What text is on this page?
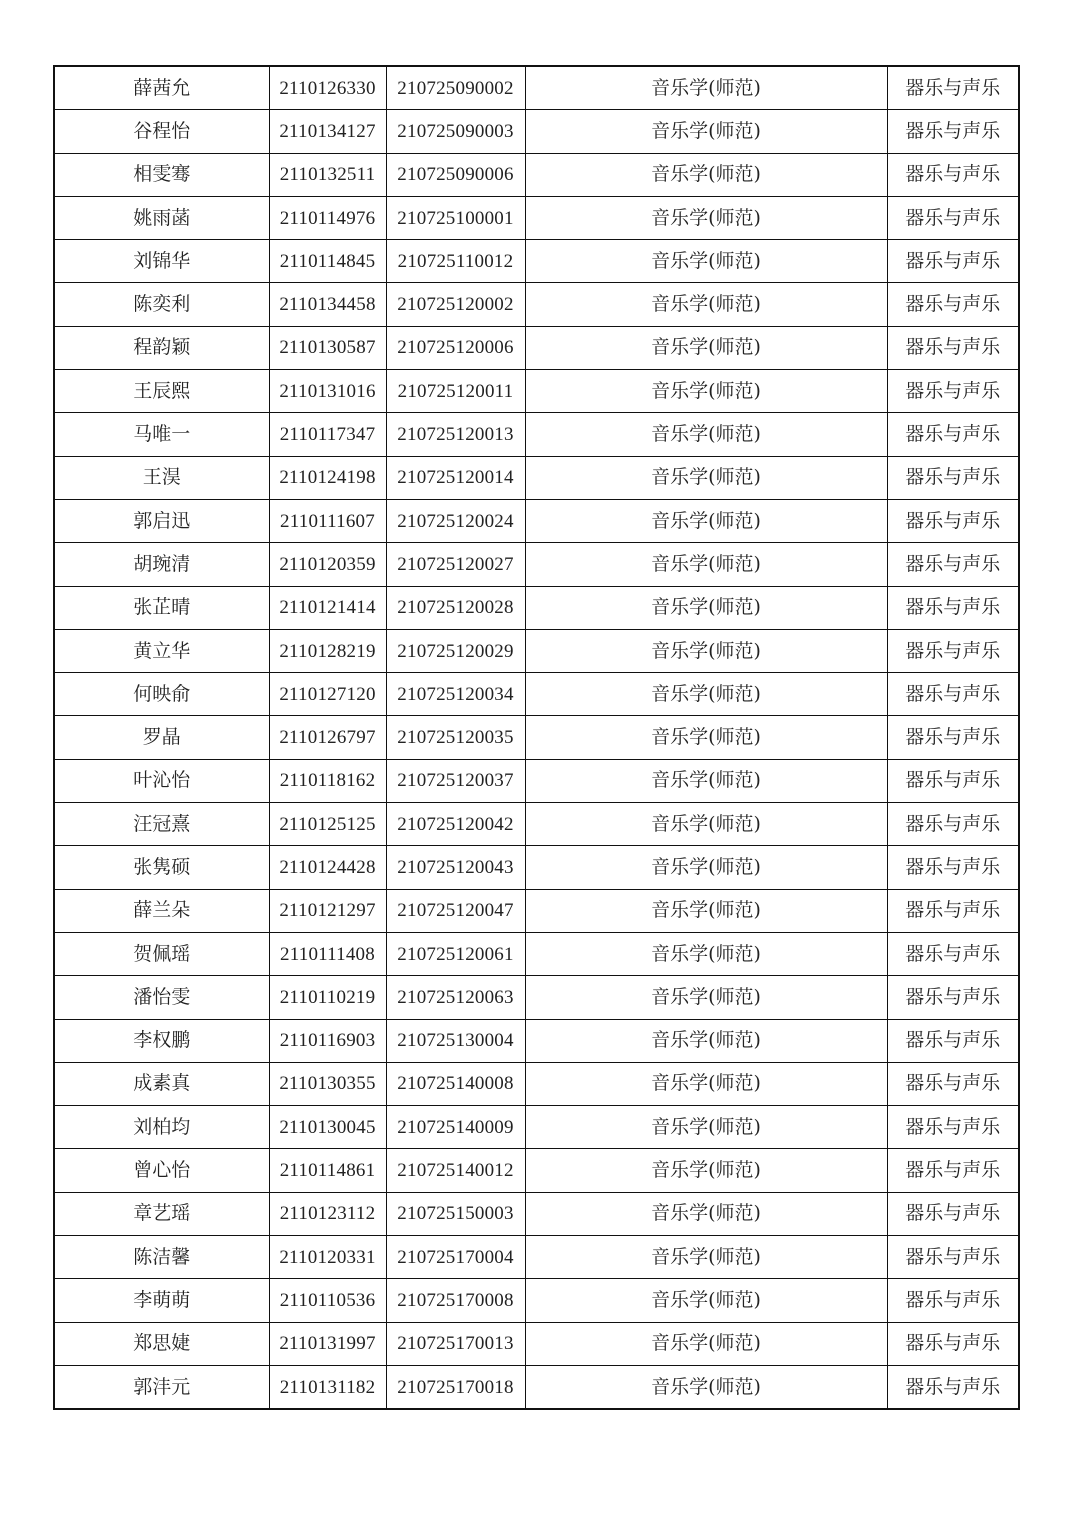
薛茜允	2110126330	210725090002	音乐学(师范)	器乐与声乐
谷程怡	2110134127	210725090003	音乐学(师范)	器乐与声乐
相雯骞	2110132511	210725090006	音乐学(师范)	器乐与声乐
姚雨菡	2110114976	210725100001	音乐学(师范)	器乐与声乐
刘锦华	2110114845	210725110012	音乐学(师范)	器乐与声乐
陈奕利	2110134458	210725120002	音乐学(师范)	器乐与声乐
程韵颖	2110130587	210725120006	音乐学(师范)	器乐与声乐
王辰熙	2110131016	210725120011	音乐学(师范)	器乐与声乐
马唯一	2110117347	210725120013	音乐学(师范)	器乐与声乐
王淏	2110124198	210725120014	音乐学(师范)	器乐与声乐
郭启迅	2110111607	210725120024	音乐学(师范)	器乐与声乐
胡琬清	2110120359	210725120027	音乐学(师范)	器乐与声乐
张芷晴	2110121414	210725120028	音乐学(师范)	器乐与声乐
黄立华	2110128219	210725120029	音乐学(师范)	器乐与声乐
何映俞	2110127120	210725120034	音乐学(师范)	器乐与声乐
罗晶	2110126797	210725120035	音乐学(师范)	器乐与声乐
叶沁怡	2110118162	210725120037	音乐学(师范)	器乐与声乐
汪冠熹	2110125125	210725120042	音乐学(师范)	器乐与声乐
张隽硕	2110124428	210725120043	音乐学(师范)	器乐与声乐
薛兰朵	2110121297	210725120047	音乐学(师范)	器乐与声乐
贺佩瑶	2110111408	210725120061	音乐学(师范)	器乐与声乐
潘怡雯	2110110219	210725120063	音乐学(师范)	器乐与声乐
李权鹏	2110116903	210725130004	音乐学(师范)	器乐与声乐
成素真	2110130355	210725140008	音乐学(师范)	器乐与声乐
刘柏均	2110130045	210725140009	音乐学(师范)	器乐与声乐
曾心怡	2110114861	210725140012	音乐学(师范)	器乐与声乐
章艺瑶	2110123112	210725150003	音乐学(师范)	器乐与声乐
陈洁馨	2110120331	210725170004	音乐学(师范)	器乐与声乐
李萌萌	2110110536	210725170008	音乐学(师范)	器乐与声乐
郑思婕	2110131997	210725170013	音乐学(师范)	器乐与声乐
郭沣元	2110131182	210725170018	音乐学(师范)	器乐与声乐
